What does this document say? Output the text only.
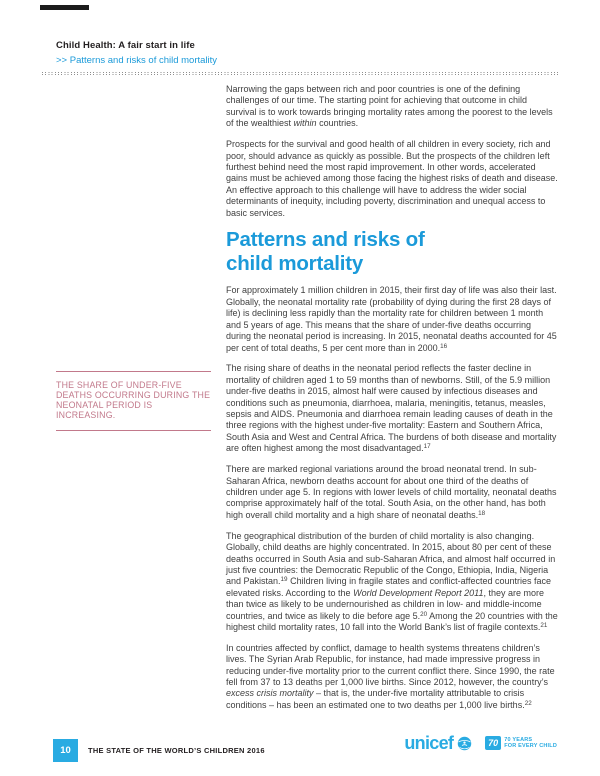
Child Health: A fair start in life
>> Patterns and risks of child mortality
THE SHARE OF UNDER-FIVE DEATHS OCCURRING DURING THE NEONATAL PERIOD IS INCREASING.

Narrowing the gaps between rich and poor countries is one of the defining challenges of our time. The starting point for achieving that outcome in child survival is to work towards bringing mortality rates among the poorest to the levels of the wealthiest within countries.

Prospects for the survival and good health of all children in every society, rich and poor, should advance as quickly as possible. But the prospects of the children left furthest behind need the most rapid improvement. In other words, accelerated gains must be achieved among those facing the highest risks of death and disease. An effective approach to this challenge will have to address the wider social determinants of inequity, including poverty, discrimination and unequal access to basic services.

Patterns and risks of
child mortality

For approximately 1 million children in 2015, their first day of life was also their last. Globally, the neonatal mortality rate (probability of dying during the first 28 days of life) is declining less rapidly than the mortality rate for children between 1 month and 5 years of age. This means that the share of under-five deaths occurring during the neonatal period is increasing. In 2015, neonatal deaths accounted for 45 per cent of total deaths, 5 per cent more than in 2000.16

The rising share of deaths in the neonatal period reflects the faster decline in mortality of children aged 1 to 59 months than of newborns. Still, of the 5.9 million under-five deaths in 2015, almost half were caused by infectious diseases and conditions such as pneumonia, diarrhoea, malaria, meningitis, tetanus, measles, sepsis and AIDS. Pneumonia and diarrhoea remain leading causes of death in the three regions with the highest under-five mortality: Eastern and Southern Africa, South Asia and West and Central Africa. The burdens of both disease and mortality are often highest among the most disadvantaged.$^{17}$

There are marked regional variations around the broad neonatal trend. In sub-Saharan Africa, newborn deaths account for about one third of the deaths of children under age 5. In regions with lower levels of child mortality, neonatal deaths comprise approximately half of the total. South Asia, on the other hand, has both high overall child mortality and a high share of neonatal deaths.$^{18}$

The geographical distribution of the burden of child mortality is also changing. Globally, child deaths are highly concentrated. In 2015, about 80 per cent of these deaths occurred in South Asia and sub-Saharan Africa, and almost half occurred in just five countries: the Democratic Republic of the Congo, Ethiopia, India, Nigeria and Pakistan.$^{19}$ Children living in fragile states and conflict-affected countries face elevated risks. According to the World Development Report 2011, they are more than twice as likely to be undernourished as children in low- and middle-income countries, and twice as likely to die before age 5.20 Among the 20 countries with the highest child mortality rates, 10 fall into the World Bank’s list of fragile contexts.$^{21}$

In countries affected by conflict, damage to health systems threatens children’s lives. The Syrian Arab Republic, for instance, had made impressive progress in reducing under-five mortality prior to the current conflict there. Since 1990, the rate fell from 37 to 13 deaths per 1,000 live births. Since 2012, however, the country’s excess crisis mortality – that is, the under-five mortality attributable to crisis conditions – has been an estimated one to two deaths per 1,000 live births.$^{22}$

10	THE STATE OF THE WORLD’S CHILDREN 2016	unicef	70	70 YEARS
FOR EVERY CHILD
